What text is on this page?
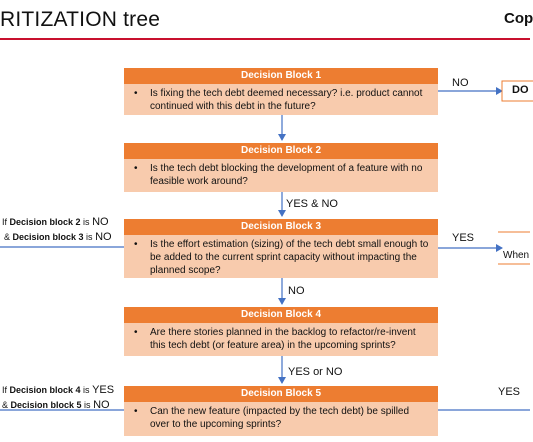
RITIZATION tree	Cop
Decision Block 1
• Is fixing the tech debt deemed necessary? i.e. product cannot continued with this debt in the future?
Decision Block 2
• Is the tech debt blocking the development of a feature with no feasible work around?
Decision Block 3
• Is the effort estimation (sizing) of the tech debt small enough to be added to the current sprint capacity without impacting the planned scope?
Decision Block 4
• Are there stories planned in the backlog to refactor/re-invent this tech debt (or feature area) in the upcoming sprints?
Decision Block 5
• Can the new feature (impacted by the tech debt) be spilled over to the upcoming sprints?
NO
YES & NO
YES
NO
YES or NO
YES
DO
When
If Decision block 2 is NO
& Decision block 3 is NO
If Decision block 4 is YES
& Decision block 5 is NO
